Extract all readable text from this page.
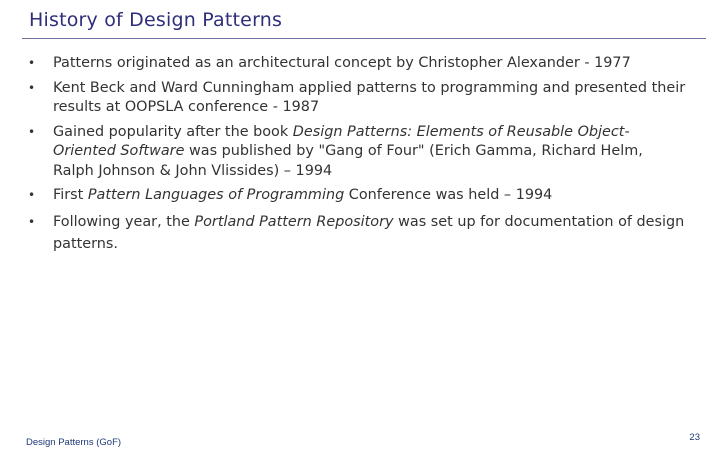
History of Design Patterns
• Patterns originated as an architectural concept by Christopher Alexander - 1977
• Kent Beck and Ward Cunningham applied patterns to programming and presented their results at OOPSLA conference - 1987
• Gained popularity after the book Design Patterns: Elements of Reusable Object-Oriented Software was published by "Gang of Four" (Erich Gamma, Richard Helm, Ralph Johnson & John Vlissides) – 1994
• First Pattern Languages of Programming Conference was held – 1994
• Following year, the Portland Pattern Repository was set up for documentation of design patterns.
Design Patterns (GoF)	23
